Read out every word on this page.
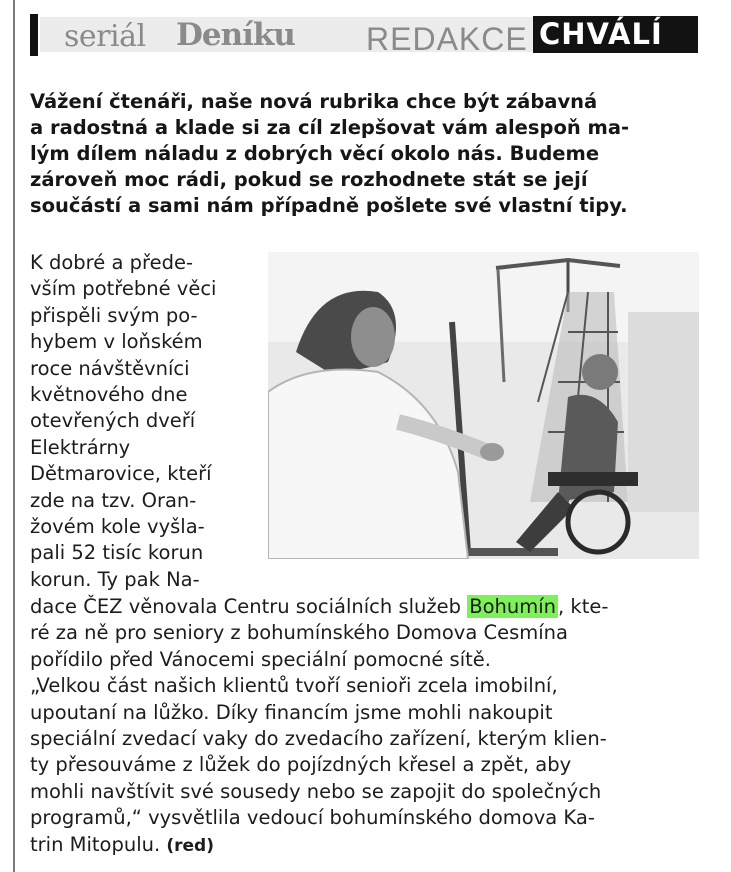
seriál Deníku REDAKCE CHVÁLÍ
Vážení čtenáři, naše nová rubrika chce být zábavná
a radostná a klade si za cíl zlepšovat vám alespoň ma-
lým dílem náladu z dobrých věcí okolo nás. Budeme
zároveň moc rádi, pokud se rozhodnete stát se její
součástí a sami nám případně pošlete své vlastní tipy.
K dobré a přede-
vším potřebné věci
přispěli svým po-
hybem v loňském
roce návštěvníci
květnového dne
otevřených dveří
Elektrárny
Dětmarovice, kteří
zde na tzv. Oran-
žovém kole vyšla-
pali 52 tisíc korun
korun. Ty pak Na-
dace ČEZ věnovala Centru sociálních služeb Bohumín , kte-
ré za ně pro seniory z bohumínského Domova Cesmína
pořídilo před Vánocemi speciální pomocné sítě.
„Velkou část našich klientů tvoří senioři zcela imobilní,
upoutaní na lůžko. Díky financím jsme mohli nakoupit
speciální zvedací vaky do zvedacího zařízení, kterým klien-
ty přesouváme z lůžek do pojízdných křesel a zpět, aby
mohli navštívit své sousedy nebo se zapojit do společných
programů,“ vysvětlila vedoucí bohumínského domova Ka-
trin Mitopulu. (red)
